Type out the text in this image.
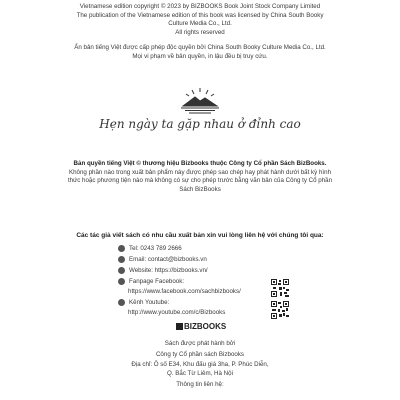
Vietnamese edition copyright © 2023 by BIZBOOKS Book Joint Stock Company Limited
The publication of the Vietnamese edition of this book was licensed by China South Booky
Culture Media Co., Ltd.
All rights reserved
Ấn bản tiếng Việt được cấp phép độc quyền bởi China South Booky Culture Media Co., Ltd.
Mọi vi phạm về bản quyền, in lậu đều bị truy cứu.
Hẹn ngày ta gặp nhau ở đỉnh cao
Bản quyền tiếng Việt © thương hiệu Bizbooks thuộc Công ty Cổ phần Sách BizBooks.
Không phần nào trong xuất bản phẩm này được phép sao chép hay phát hành dưới bất kỳ hình
thức hoặc phương tiện nào mà không có sự cho phép trước bằng văn bản của Công ty Cổ phần
Sách BizBooks
Các tác giả viết sách có nhu cầu xuất bản xin vui lòng liên hệ với chúng tôi qua:
Tel: 0243 789 2666
Email: contact@bizbooks.vn
Website: https://bizbooks.vn/
Fanpage Facebook:
https://www.facebook.com/sachbizbooks/
Kênh Youtube:
http://www.youtube.com/c/Bizbooks
BIZBOOKS
Sách được phát hành bởi
Công ty Cổ phần sách Bizbooks
Địa chỉ: Ô số E34, Khu đấu giá 3ha, P. Phúc Diễn,
Q. Bắc Từ Liêm, Hà Nội
Thông tin liên hệ:
